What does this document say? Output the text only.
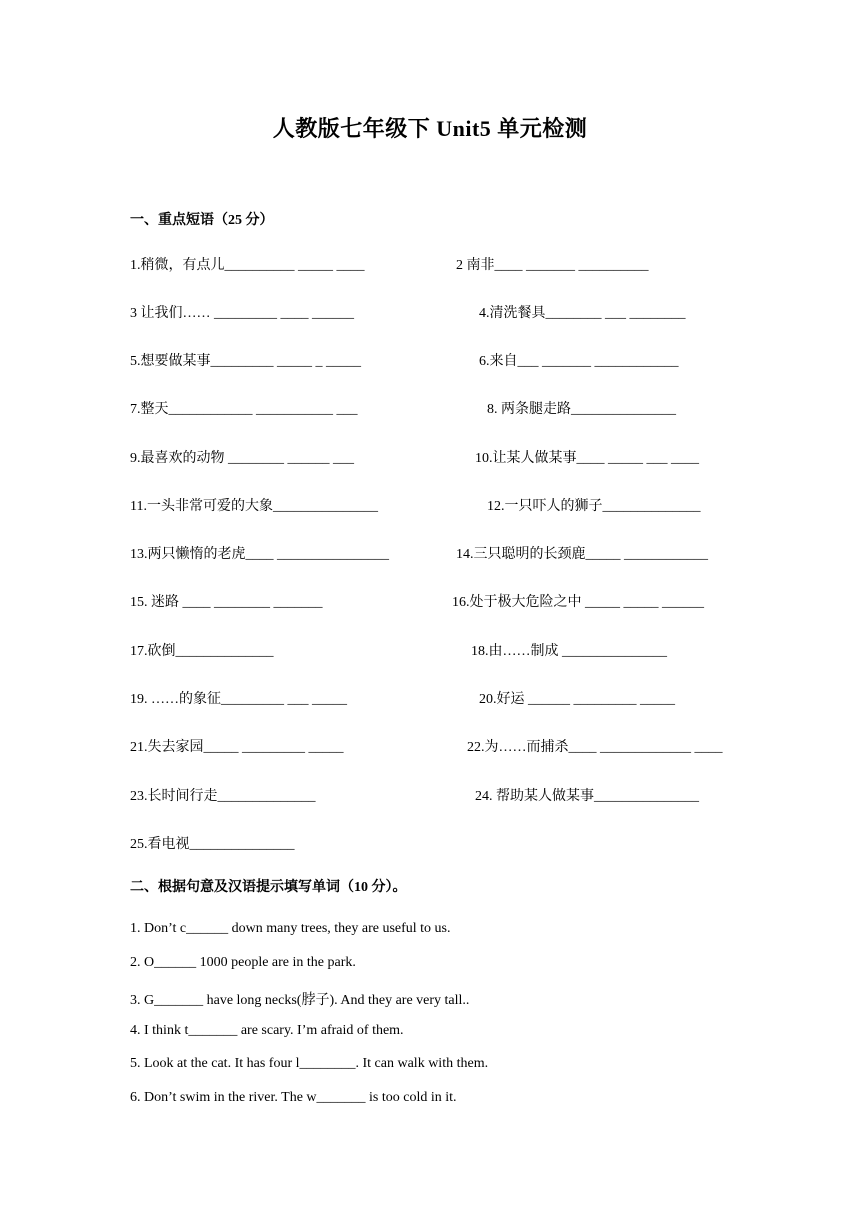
人教版七年级下 Unit5 单元检测
一、重点短语（25 分）
1.稍微，有点儿__________ _____ ____	2 南非____ _______ __________
3 让我们…… _________ ____ ______	4.清洗餐具________ ___ ________
5.想要做某事_________ _____ _ _____	6.来自___ _______ ____________
7.整天____________ ___________ ___	8. 两条腿走路_______________
9.最喜欢的动物 ________ ______ ___	10.让某人做某事____ _____ ___ ____
11.一头非常可爱的大象_______________	12.一只吓人的狮子______________
13.两只懒惰的老虎____ ________________	14.三只聪明的长颈鹿_____ ____________
15. 迷路 ____ ________ _______	16.处于极大危险之中 _____ _____ ______
17.砍倒______________	18.由……制成 _______________
19. ……的象征_________ ___ _____	20.好运 ______ _________ _____
21.失去家园_____ _________ _____	22.为……而捕杀____ _____________ ____
23.长时间行走______________	24. 帮助某人做某事_______________
25.看电视_______________
二、根据句意及汉语提示填写单词（10 分）。
1. Don’t c______ down many trees, they are useful to us.
2. O______ 1000 people are in the park.
3. G_______ have long necks(脖子). And they are very tall..
4. I think t_______ are scary. I’m afraid of them.
5. Look at the cat. It has four l________. It can walk with them.
6. Don’t swim in the river. The w_______ is too cold in it.
